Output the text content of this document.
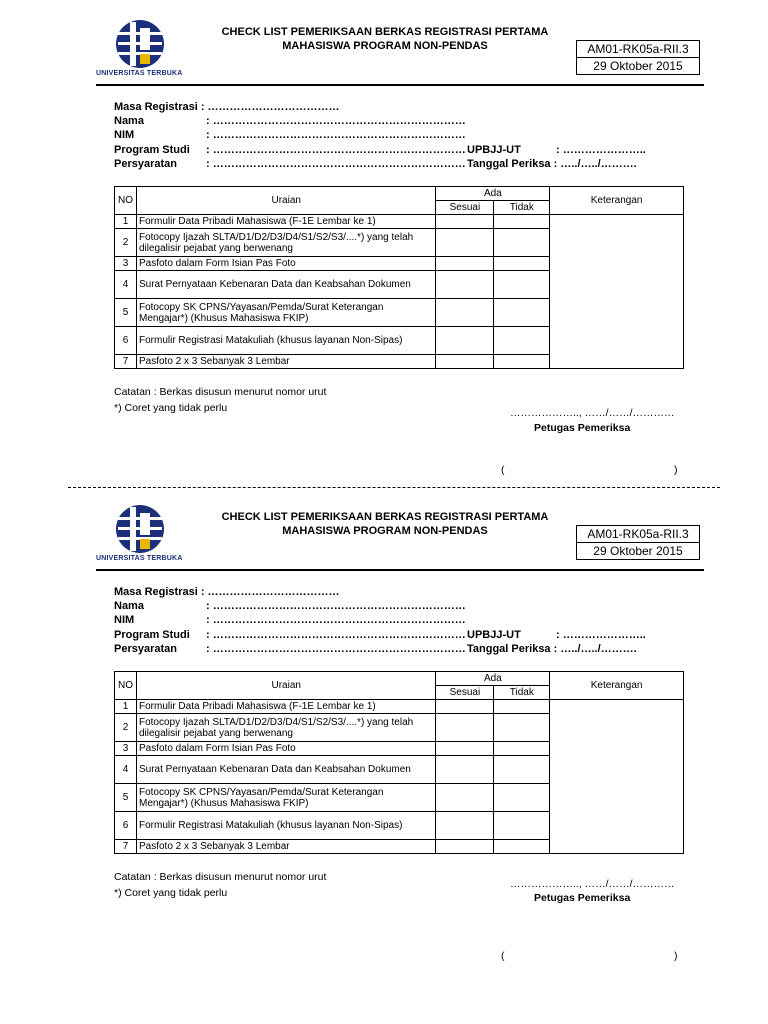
UNIVERSITAS TERBUKA
CHECK LIST PEMERIKSAAN BERKAS REGISTRASI PERTAMA
MAHASISWA PROGRAM NON-PENDAS	AM01-RK05a-RII.3
29 Oktober 2015
Masa Registrasi : ………………………………
Nama	: ……………………………………………………………
NIM	: ……………………………………………………………
Program Studi : ……………………………………………………………
Persyaratan	: ……………………………………………………………
UPBJJ-UT	: …………………..
Tanggal Periksa : …../…../……….
NO	Uraian	Ada		Keterangan
		Sesuai	Tidak	
1	Formulir Data Pribadi Mahasiswa (F-1E Lembar ke 1)			
2	Fotocopy Ijazah SLTA/D1/D2/D3/D4/S1/S2/S3/....*) yang telah dilegalisir pejabat yang berwenang			
3	Pasfoto dalam Form Isian Pas Foto			
4	Surat Pernyataan Kebenaran Data dan Keabsahan Dokumen			
5	Fotocopy SK CPNS/Yayasan/Pemda/Surat Keterangan Mengajar*) (Khusus Mahasiswa FKIP)			
6	Formulir Registrasi Matakuliah (khusus layanan Non-Sipas)			
7	Pasfoto 2 x 3 Sebanyak 3 Lembar			
Catatan : Berkas disusun menurut nomor urut
*) Coret yang tidak perlu	……………….., ……/……/…………
Petugas Pemeriksa
(	)
UNIVERSITAS TERBUKA
CHECK LIST PEMERIKSAAN BERKAS REGISTRASI PERTAMA
MAHASISWA PROGRAM NON-PENDAS	AM01-RK05a-RII.3
29 Oktober 2015
Masa Registrasi : ………………………………
Nama	: ……………………………………………………………
NIM	: ……………………………………………………………
Program Studi : ……………………………………………………………
Persyaratan	: ……………………………………………………………
UPBJJ-UT	: …………………..
Tanggal Periksa : …../…../……….
NO	Uraian	Ada		Keterangan
		Sesuai	Tidak	
1	Formulir Data Pribadi Mahasiswa (F-1E Lembar ke 1)			
2	Fotocopy Ijazah SLTA/D1/D2/D3/D4/S1/S2/S3/....*) yang telah dilegalisir pejabat yang berwenang			
3	Pasfoto dalam Form Isian Pas Foto			
4	Surat Pernyataan Kebenaran Data dan Keabsahan Dokumen			
5	Fotocopy SK CPNS/Yayasan/Pemda/Surat Keterangan Mengajar*) (Khusus Mahasiswa FKIP)			
6	Formulir Registrasi Matakuliah (khusus layanan Non-Sipas)			
7	Pasfoto 2 x 3 Sebanyak 3 Lembar			
Catatan : Berkas disusun menurut nomor urut
*) Coret yang tidak perlu
……………….., ……/……/…………
Petugas Pemeriksa
(	)
